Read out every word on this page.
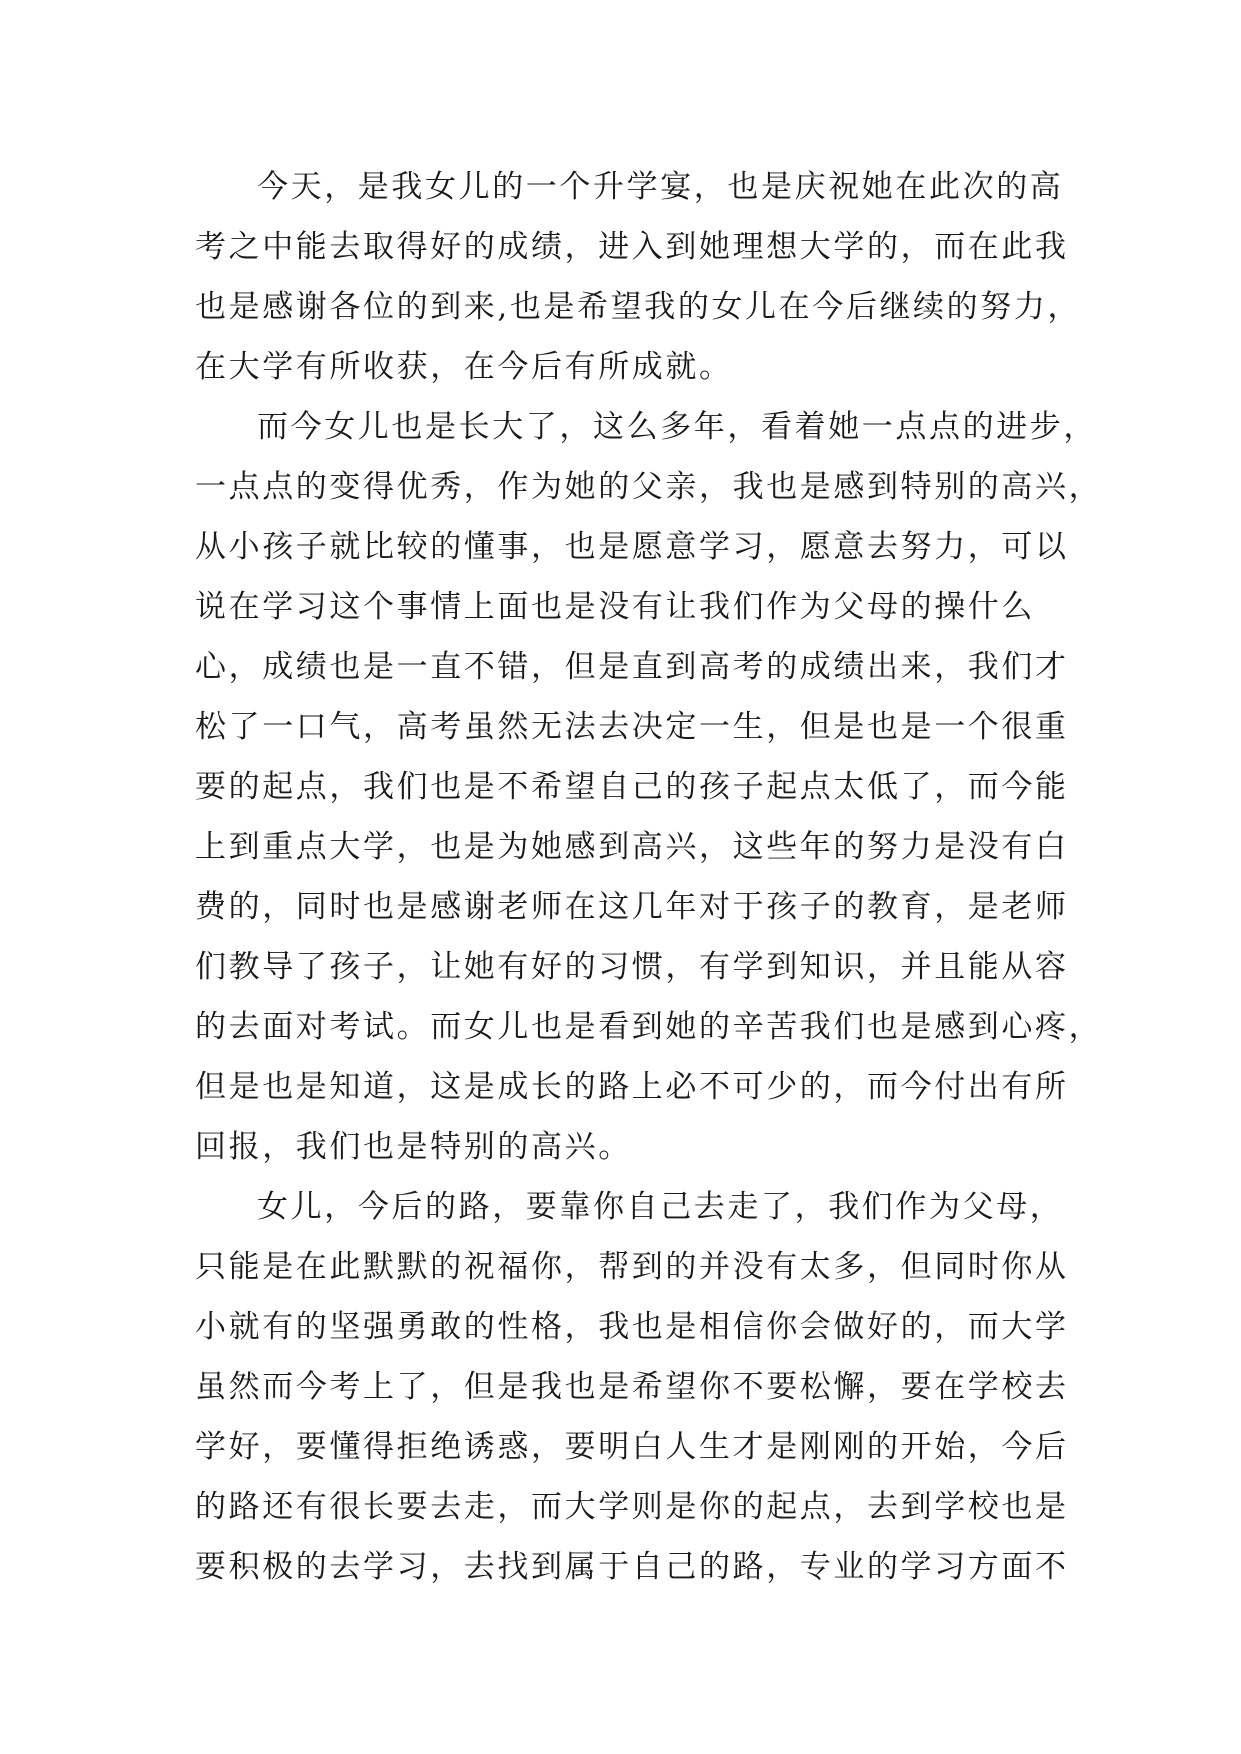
今天，是我女儿的一个升学宴，也是庆祝她在此次的高
考之中能去取得好的成绩，进入到她理想大学的，而在此我
也是感谢各位的到来,也是希望我的女儿在今后继续的努力，
在大学有所收获，在今后有所成就。
而今女儿也是长大了，这么多年，看着她一点点的进步，
一点点的变得优秀，作为她的父亲，我也是感到特别的高兴，
从小孩子就比较的懂事，也是愿意学习，愿意去努力，可以
说在学习这个事情上面也是没有让我们作为父母的操什么
心，成绩也是一直不错，但是直到高考的成绩出来，我们才
松了一口气，高考虽然无法去决定一生，但是也是一个很重
要的起点，我们也是不希望自己的孩子起点太低了，而今能
上到重点大学，也是为她感到高兴，这些年的努力是没有白
费的，同时也是感谢老师在这几年对于孩子的教育，是老师
们教导了孩子，让她有好的习惯，有学到知识，并且能从容
的去面对考试。而女儿也是看到她的辛苦我们也是感到心疼，
但是也是知道，这是成长的路上必不可少的，而今付出有所
回报，我们也是特别的高兴。
女儿，今后的路，要靠你自己去走了，我们作为父母，
只能是在此默默的祝福你，帮到的并没有太多，但同时你从
小就有的坚强勇敢的性格，我也是相信你会做好的，而大学
虽然而今考上了，但是我也是希望你不要松懈，要在学校去
学好，要懂得拒绝诱惑，要明白人生才是刚刚的开始，今后
的路还有很长要去走，而大学则是你的起点，去到学校也是
要积极的去学习，去找到属于自己的路，专业的学习方面不
